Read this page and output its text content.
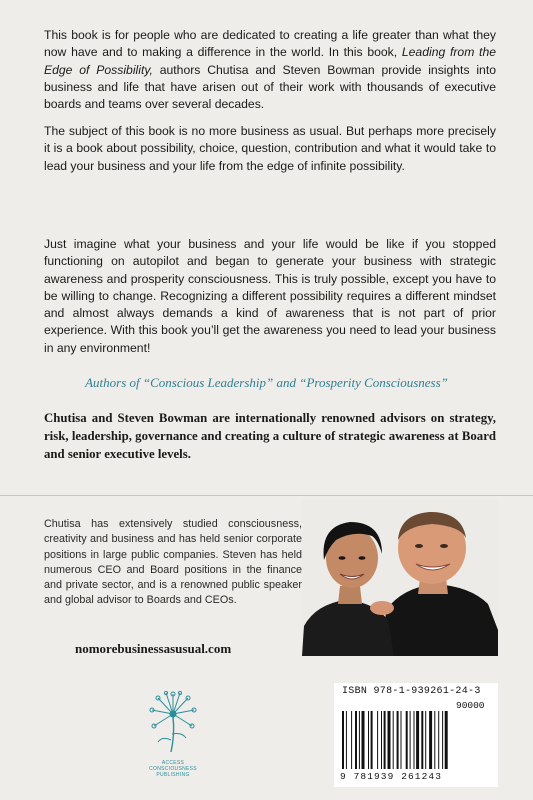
This book is for people who are dedicated to creating a life greater than what they now have and to making a difference in the world. In this book, Leading from the Edge of Possibility, authors Chutisa and Steven Bowman provide insights into business and life that have arisen out of their work with thousands of executive boards and teams over several decades.

The subject of this book is no more business as usual. But perhaps more precisely it is a book about possibility, choice, question, contribution and what it would take to lead your business and your life from the edge of infinite possibility.

Just imagine what your business and your life would be like if you stopped functioning on autopilot and began to generate your business with strategic awareness and prosperity consciousness. This is truly possible, except you have to be willing to change. Recognizing a different possibility requires a different mindset and almost always demands a kind of awareness that is not part of prior experience. With this book you’ll get the awareness you need to lead your business in any environment!

Authors of “Conscious Leadership” and “Prosperity Consciousness”

Chutisa and Steven Bowman are internationally renowned advisors on strategy, risk, leadership, governance and creating a culture of strategic awareness at Board and senior executive levels.

Chutisa has extensively studied consciousness, creativity and business and has held senior corporate positions in large public companies. Steven has held numerous CEO and Board positions in the finance and private sector, and is a renowned public speaker and global advisor to Boards and CEOs.

nomorebusinessasusual.com

ACCESS
CONSCIOUSNESS
PUBLISHING
ISBN 978-1-939261-24-3
90000
9 781939 261243
